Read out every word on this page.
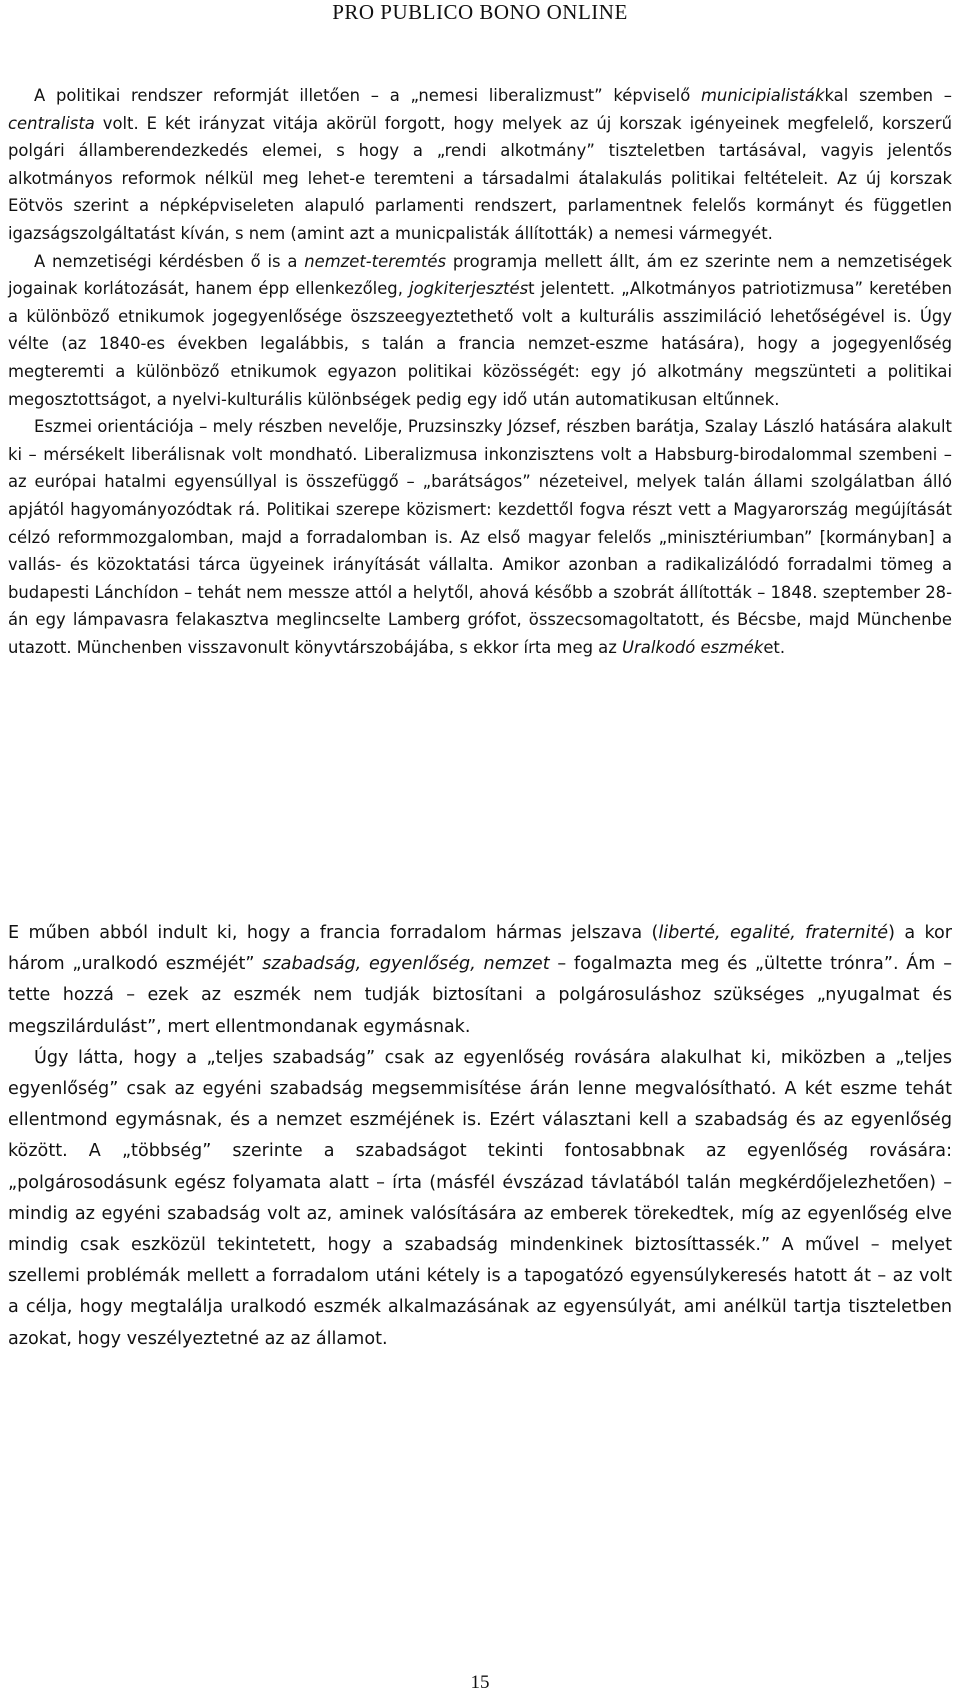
PRO PUBLICO BONO ONLINE

A politikai rendszer reformját illetően – a „nemesi liberalizmust” képviselő municipialistákkal szemben – centralista volt. E két irányzat vitája akörül forgott, hogy melyek az új korszak igényeinek megfelelő, korszerű polgári államberendezkedés elemei, s hogy a „rendi alkotmány” tiszteletben tartásával, vagyis jelentős alkotmányos reformok nélkül meg lehet-e teremteni a társadalmi átalakulás politikai feltételeit. Az új korszak Eötvös szerint a népképviseleten alapuló parlamenti rendszert, parlamentnek felelős kormányt és független igazságszolgáltatást kíván, s nem (amint azt a municpalisták állították) a nemesi vármegyét.

A nemzetiségi kérdésben ő is a nemzet-teremtés programja mellett állt, ám ez szerinte nem a nemzetiségek jogainak korlátozását, hanem épp ellenkezőleg, jogkiterjesztést jelentett. „Alkotmányos patriotizmusa” keretében a különböző etnikumok jogegyenlősége öszszeegyeztethető volt a kulturális asszimiláció lehetőségével is. Úgy vélte (az 1840-es években legalábbis, s talán a francia nemzet-eszme hatására), hogy a jogegyenlőség megteremti a különböző etnikumok egyazon politikai közösségét: egy jó alkotmány megszünteti a politikai megosztottságot, a nyelvi-kulturális különbségek pedig egy idő után automatikusan eltűnnek.

Eszmei orientációja – mely részben nevelője, Pruzsinszky József, részben barátja, Szalay László hatására alakult ki – mérsékelt liberálisnak volt mondható. Liberalizmusa inkonzisztens volt a Habsburg-birodalommal szembeni – az európai hatalmi egyensúllyal is összefüggő – „barátságos” nézeteivel, melyek talán állami szolgálatban álló apjától hagyományozódtak rá. Politikai szerepe közismert: kezdettől fogva részt vett a Magyarország megújítását célzó reformmozgalomban, majd a forradalomban is. Az első magyar felelős „minisztériumban” [kormányban] a vallás- és közoktatási tárca ügyeinek irányítását vállalta. Amikor azonban a radikalizálódó forradalmi tömeg a budapesti Lánchídon – tehát nem messze attól a helytől, ahová később a szobrát állították – 1848. szeptember 28-án egy lámpavasra felakasztva meglincselte Lamberg grófot, összecsomagoltatott, és Bécsbe, majd Münchenbe utazott. Münchenben visszavonult könyvtárszobájába, s ekkor írta meg az Uralkodó eszméket.

E műben abból indult ki, hogy a francia forradalom hármas jelszava (liberté, egalité, fraternité) a kor három „uralkodó eszméjét” szabadság, egyenlőség, nemzet – fogalmazta meg és „ültette trónra”. Ám – tette hozzá – ezek az eszmék nem tudják biztosítani a polgárosuláshoz szükséges „nyugalmat és megszilárdulást”, mert ellentmondanak egymásnak.

Úgy látta, hogy a „teljes szabadság” csak az egyenlőség rovására alakulhat ki, miközben a „teljes egyenlőség” csak az egyéni szabadság megsemmisítése árán lenne megvalósítható. A két eszme tehát ellentmond egymásnak, és a nemzet eszméjének is. Ezért választani kell a szabadság és az egyenlőség között. A „többség” szerinte a szabadságot tekinti fontosabbnak az egyenlőség rovására: „polgárosodásunk egész folyamata alatt – írta (másfél évszázad távlatából talán megkérdőjelezhetően) – mindig az egyéni szabadság volt az, aminek valósítására az emberek törekedtek, míg az egyenlőség elve mindig csak eszközül tekintetett, hogy a szabadság mindenkinek biztosíttassék.” A művel – melyet szellemi problémák mellett a forradalom utáni kétely is a tapogatózó egyensúlykeresés hatott át – az volt a célja, hogy megtalálja uralkodó eszmék alkalmazásának az egyensúlyát, ami anélkül tartja tiszteletben azokat, hogy veszélyeztetné az az államot.

15
